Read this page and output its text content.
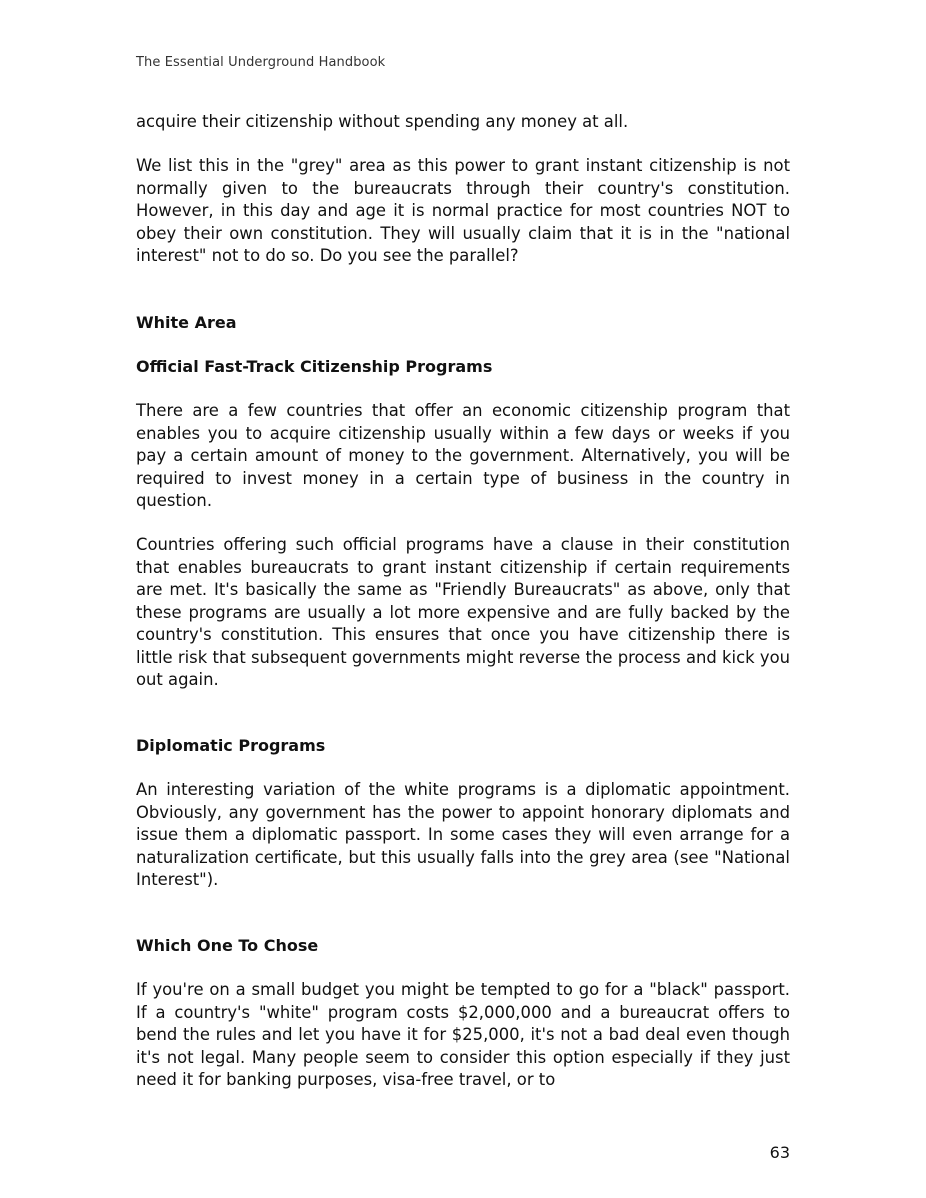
The Essential Underground Handbook

acquire their citizenship without spending any money at all.

We list this in the "grey" area as this power to grant instant citizenship is not normally given to the bureaucrats through their country's constitution. However, in this day and age it is normal practice for most countries NOT to obey their own constitution. They will usually claim that it is in the "national interest" not to do so. Do you see the parallel?

White Area
Official Fast-Track Citizenship Programs

There are a few countries that offer an economic citizenship program that enables you to acquire citizenship usually within a few days or weeks if you pay a certain amount of money to the government. Alternatively, you will be required to invest money in a certain type of business in the country in question.

Countries offering such official programs have a clause in their constitution that enables bureaucrats to grant instant citizenship if certain requirements are met. It's basically the same as "Friendly Bureaucrats" as above, only that these programs are usually a lot more expensive and are fully backed by the country's constitution. This ensures that once you have citizenship there is little risk that subsequent governments might reverse the process and kick you out again.

Diplomatic Programs

An interesting variation of the white programs is a diplomatic appointment. Obviously, any government has the power to appoint honorary diplomats and issue them a diplomatic passport. In some cases they will even arrange for a naturalization certificate, but this usually falls into the grey area (see "National Interest").

Which One To Chose

If you're on a small budget you might be tempted to go for a "black" passport. If a country's "white" program costs $2,000,000 and a bureaucrat offers to bend the rules and let you have it for $25,000, it's not a bad deal even though it's not legal. Many people seem to consider this option especially if they just need it for banking purposes, visa-free travel, or to

63
